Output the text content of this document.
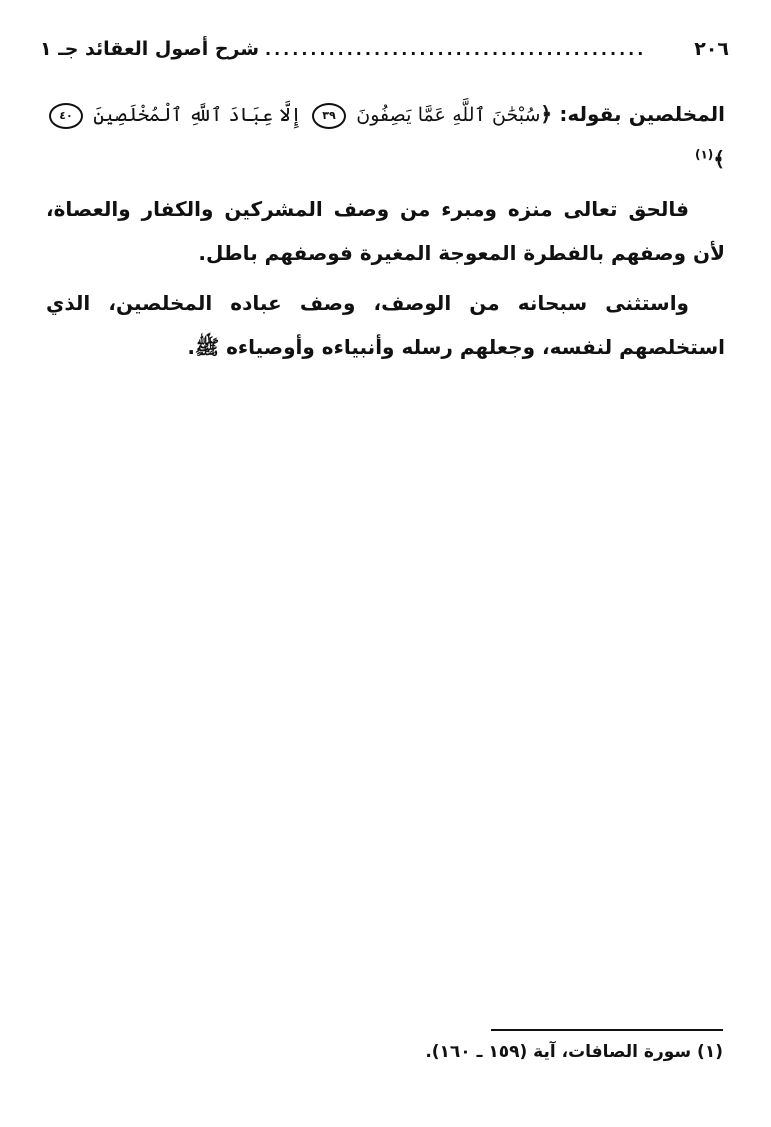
٢٠٦
..........................................
شرح أصول العقائد جـ ١

المخلصين بقوله: ﴿سُبْحَٰنَ ٱللَّهِ عَمَّا يَصِفُونَ ٣٩ إِلَّا عِبَادَ ٱللَّهِ ٱلْمُخْلَصِينَ ٤٠﴾$^{(١)}$

فالحق تعالى منزه ومبرء من وصف المشركين والكفار والعصاة، لأن وصفهم بالفطرة المعوجة المغيرة فوصفهم باطل.

واستثنى سبحانه من الوصف، وصف عباده المخلصين، الذي استخلصهم لنفسه، وجعلهم رسله وأنبياءه وأوصياءه ﷺ.

(١) سورة الصافات، آية (١٥٩ ـ ١٦٠).
